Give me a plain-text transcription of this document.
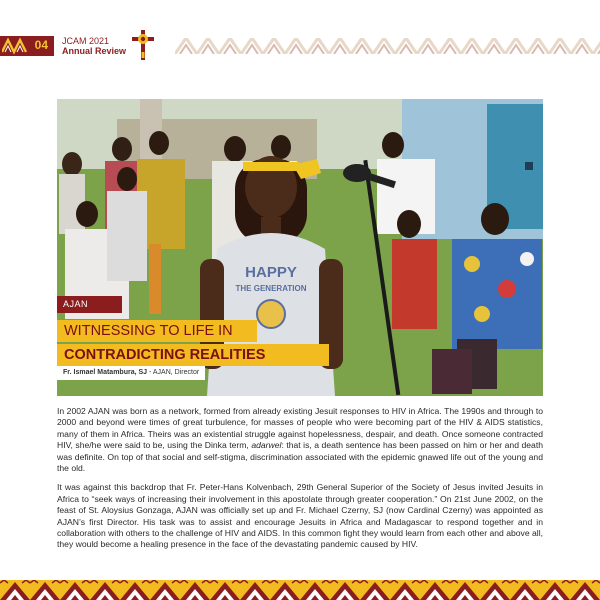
04 JCAM 2021
Annual Review
HAPPY
THE GENERATION
AJAN
WITNESSING TO LIFE IN
CONTRADICTING REALITIES
Fr. Ismael Matambura, SJ - AJAN, Director

In 2002 AJAN was born as a network, formed from already existing Jesuit responses to HIV in Africa. The 1990s and through to 2000 and beyond were times of great turbulence, for masses of people who were becoming part of the HIV & AIDS statistics, many of them in Africa. Theirs was an existential struggle against hopelessness, despair, and death. Once someone contracted HIV, she/he were said to be, using the Dinka term, adarwel: that is, a death sentence has been passed on him or her and death was definite. On top of that social and self-stigma, discrimination associated with the epidemic gnawed life out of the young and the old.

It was against this backdrop that Fr. Peter-Hans Kolvenbach, 29th General Superior of the Society of Jesus invited Jesuits in Africa to “seek ways of increasing their involvement in this apostolate through greater cooperation.” On 21st June 2002, on the feast of St. Aloysius Gonzaga, AJAN was officially set up and Fr. Michael Czerny, SJ (now Cardinal Czerny) was appointed as AJAN’s first Director. His task was to assist and encourage Jesuits in Africa and Madagascar to respond together and in collaboration with others to the challenge of HIV and AIDS. In this common fight they would learn from each other and above all, they would become a healing presence in the face of the devastating pandemic caused by HIV.
